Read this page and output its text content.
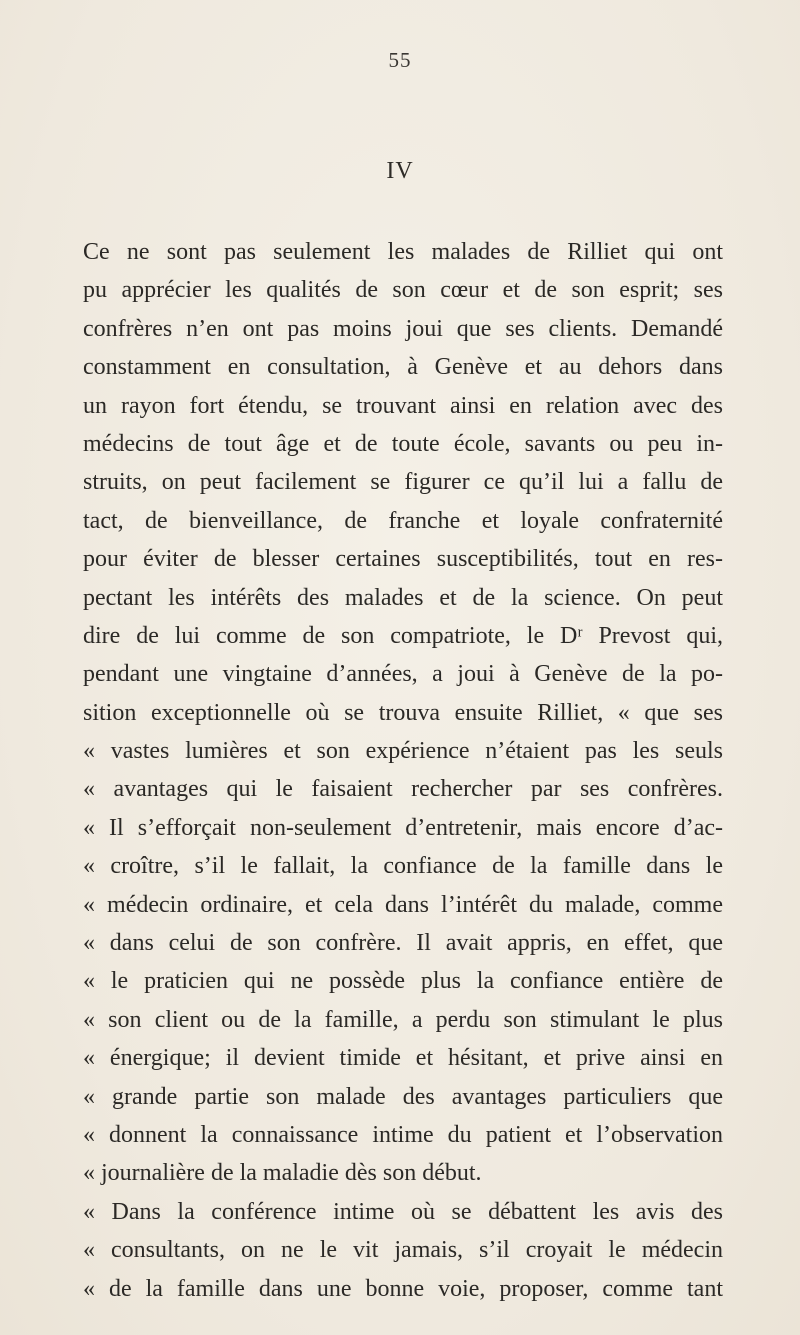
55
IV
Ce ne sont pas seulement les malades de Rilliet qui ont
pu apprécier les qualités de son cœur et de son esprit; ses
confrères n’en ont pas moins joui que ses clients. Demandé
constamment en consultation, à Genève et au dehors dans
un rayon fort étendu, se trouvant ainsi en relation avec des
médecins de tout âge et de toute école, savants ou peu in-
struits, on peut facilement se figurer ce qu’il lui a fallu de
tact, de bienveillance, de franche et loyale confraternité
pour éviter de blesser certaines susceptibilités, tout en res-
pectant les intérêts des malades et de la science. On peut
dire de lui comme de son compatriote, le Dʳ Prevost qui,
pendant une vingtaine d’années, a joui à Genève de la po-
sition exceptionnelle où se trouva ensuite Rilliet, « que ses
« vastes lumières et son expérience n’étaient pas les seuls
« avantages qui le faisaient rechercher par ses confrères.
« Il s’efforçait non-seulement d’entretenir, mais encore d’ac-
« croître, s’il le fallait, la confiance de la famille dans le
« médecin ordinaire, et cela dans l’intérêt du malade, comme
« dans celui de son confrère. Il avait appris, en effet, que
« le praticien qui ne possède plus la confiance entière de
« son client ou de la famille, a perdu son stimulant le plus
« énergique; il devient timide et hésitant, et prive ainsi en
« grande partie son malade des avantages particuliers que
« donnent la connaissance intime du patient et l’observation
« journalière de la maladie dès son début.
« Dans la conférence intime où se débattent les avis des
« consultants, on ne le vit jamais, s’il croyait le médecin
« de la famille dans une bonne voie, proposer, comme tant
